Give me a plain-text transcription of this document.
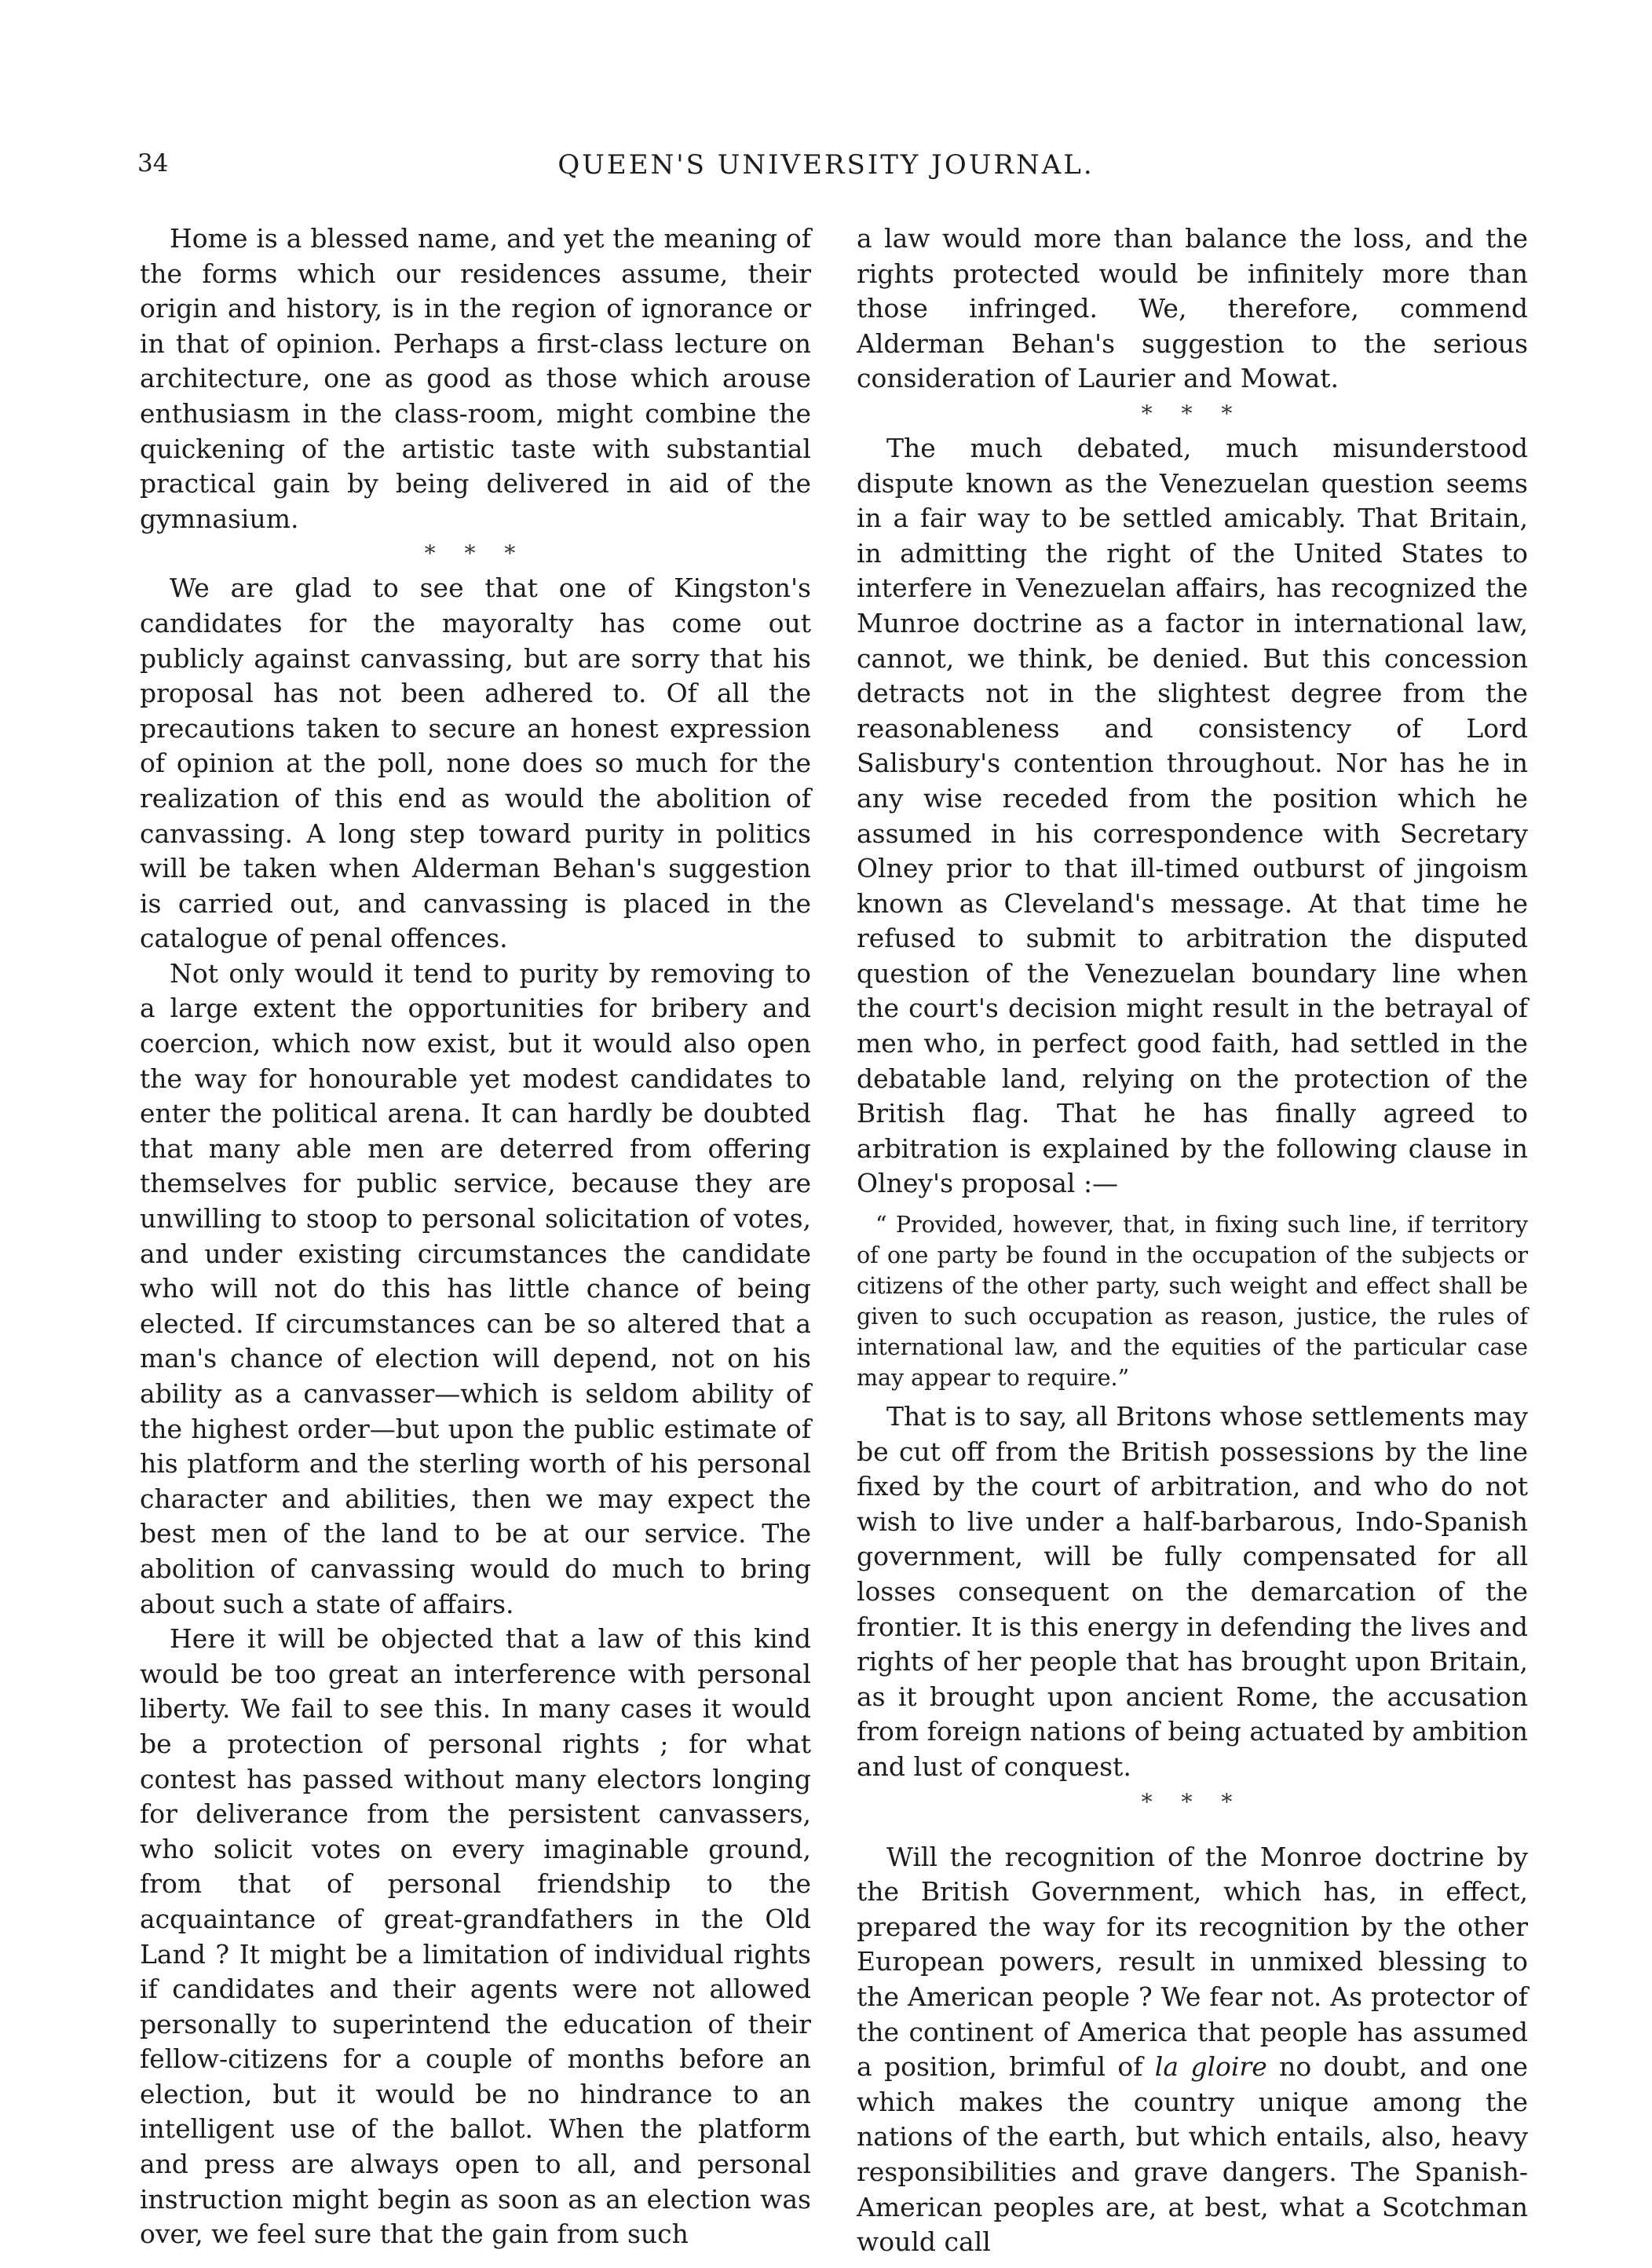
34	QUEEN'S UNIVERSITY JOURNAL.

Home is a blessed name, and yet the meaning of the forms which our residences assume, their origin and history, is in the region of ignorance or in that of opinion. Perhaps a first-class lecture on architecture, one as good as those which arouse enthusiasm in the class-room, might combine the quickening of the artistic taste with substantial practical gain by being delivered in aid of the gymnasium.

* * *

We are glad to see that one of Kingston's candidates for the mayoralty has come out publicly against canvassing, but are sorry that his proposal has not been adhered to. Of all the precautions taken to secure an honest expression of opinion at the poll, none does so much for the realization of this end as would the abolition of canvassing. A long step toward purity in politics will be taken when Alderman Behan's suggestion is carried out, and canvassing is placed in the catalogue of penal offences.

Not only would it tend to purity by removing to a large extent the opportunities for bribery and coercion, which now exist, but it would also open the way for honourable yet modest candidates to enter the political arena. It can hardly be doubted that many able men are deterred from offering themselves for public service, because they are unwilling to stoop to personal solicitation of votes, and under existing circumstances the candidate who will not do this has little chance of being elected. If circumstances can be so altered that a man's chance of election will depend, not on his ability as a canvasser—which is seldom ability of the highest order—but upon the public estimate of his platform and the sterling worth of his personal character and abilities, then we may expect the best men of the land to be at our service. The abolition of canvassing would do much to bring about such a state of affairs.

Here it will be objected that a law of this kind would be too great an interference with personal liberty. We fail to see this. In many cases it would be a protection of personal rights ; for what contest has passed without many electors longing for deliverance from the persistent canvassers, who solicit votes on every imaginable ground, from that of personal friendship to the acquaintance of great-grandfathers in the Old Land ? It might be a limitation of individual rights if candidates and their agents were not allowed personally to superintend the education of their fellow-citizens for a couple of months before an election, but it would be no hindrance to an intelligent use of the ballot. When the platform and press are always open to all, and personal instruction might begin as soon as an election was over, we feel sure that the gain from such

a law would more than balance the loss, and the rights protected would be infinitely more than those infringed. We, therefore, commend Alderman Behan's suggestion to the serious consideration of Laurier and Mowat.

* * *

The much debated, much misunderstood dispute known as the Venezuelan question seems in a fair way to be settled amicably. That Britain, in admitting the right of the United States to interfere in Venezuelan affairs, has recognized the Munroe doctrine as a factor in international law, cannot, we think, be denied. But this concession detracts not in the slightest degree from the reasonableness and consistency of Lord Salisbury's contention throughout. Nor has he in any wise receded from the position which he assumed in his correspondence with Secretary Olney prior to that ill-timed outburst of jingoism known as Cleveland's message. At that time he refused to submit to arbitration the disputed question of the Venezuelan boundary line when the court's decision might result in the betrayal of men who, in perfect good faith, had settled in the debatable land, relying on the protection of the British flag. That he has finally agreed to arbitration is explained by the following clause in Olney's proposal :—

“ Provided, however, that, in fixing such line, if territory of one party be found in the occupation of the subjects or citizens of the other party, such weight and effect shall be given to such occupation as reason, justice, the rules of international law, and the equities of the particular case may appear to require.”

That is to say, all Britons whose settlements may be cut off from the British possessions by the line fixed by the court of arbitration, and who do not wish to live under a half-barbarous, Indo-Spanish government, will be fully compensated for all losses consequent on the demarcation of the frontier. It is this energy in defending the lives and rights of her people that has brought upon Britain, as it brought upon ancient Rome, the accusation from foreign nations of being actuated by ambition and lust of conquest.

* * *

Will the recognition of the Monroe doctrine by the British Government, which has, in effect, prepared the way for its recognition by the other European powers, result in unmixed blessing to the American people ? We fear not. As protector of the continent of America that people has assumed a position, brimful of la gloire no doubt, and one which makes the country unique among the nations of the earth, but which entails, also, heavy responsibilities and grave dangers. The Spanish-American peoples are, at best, what a Scotchman would call
